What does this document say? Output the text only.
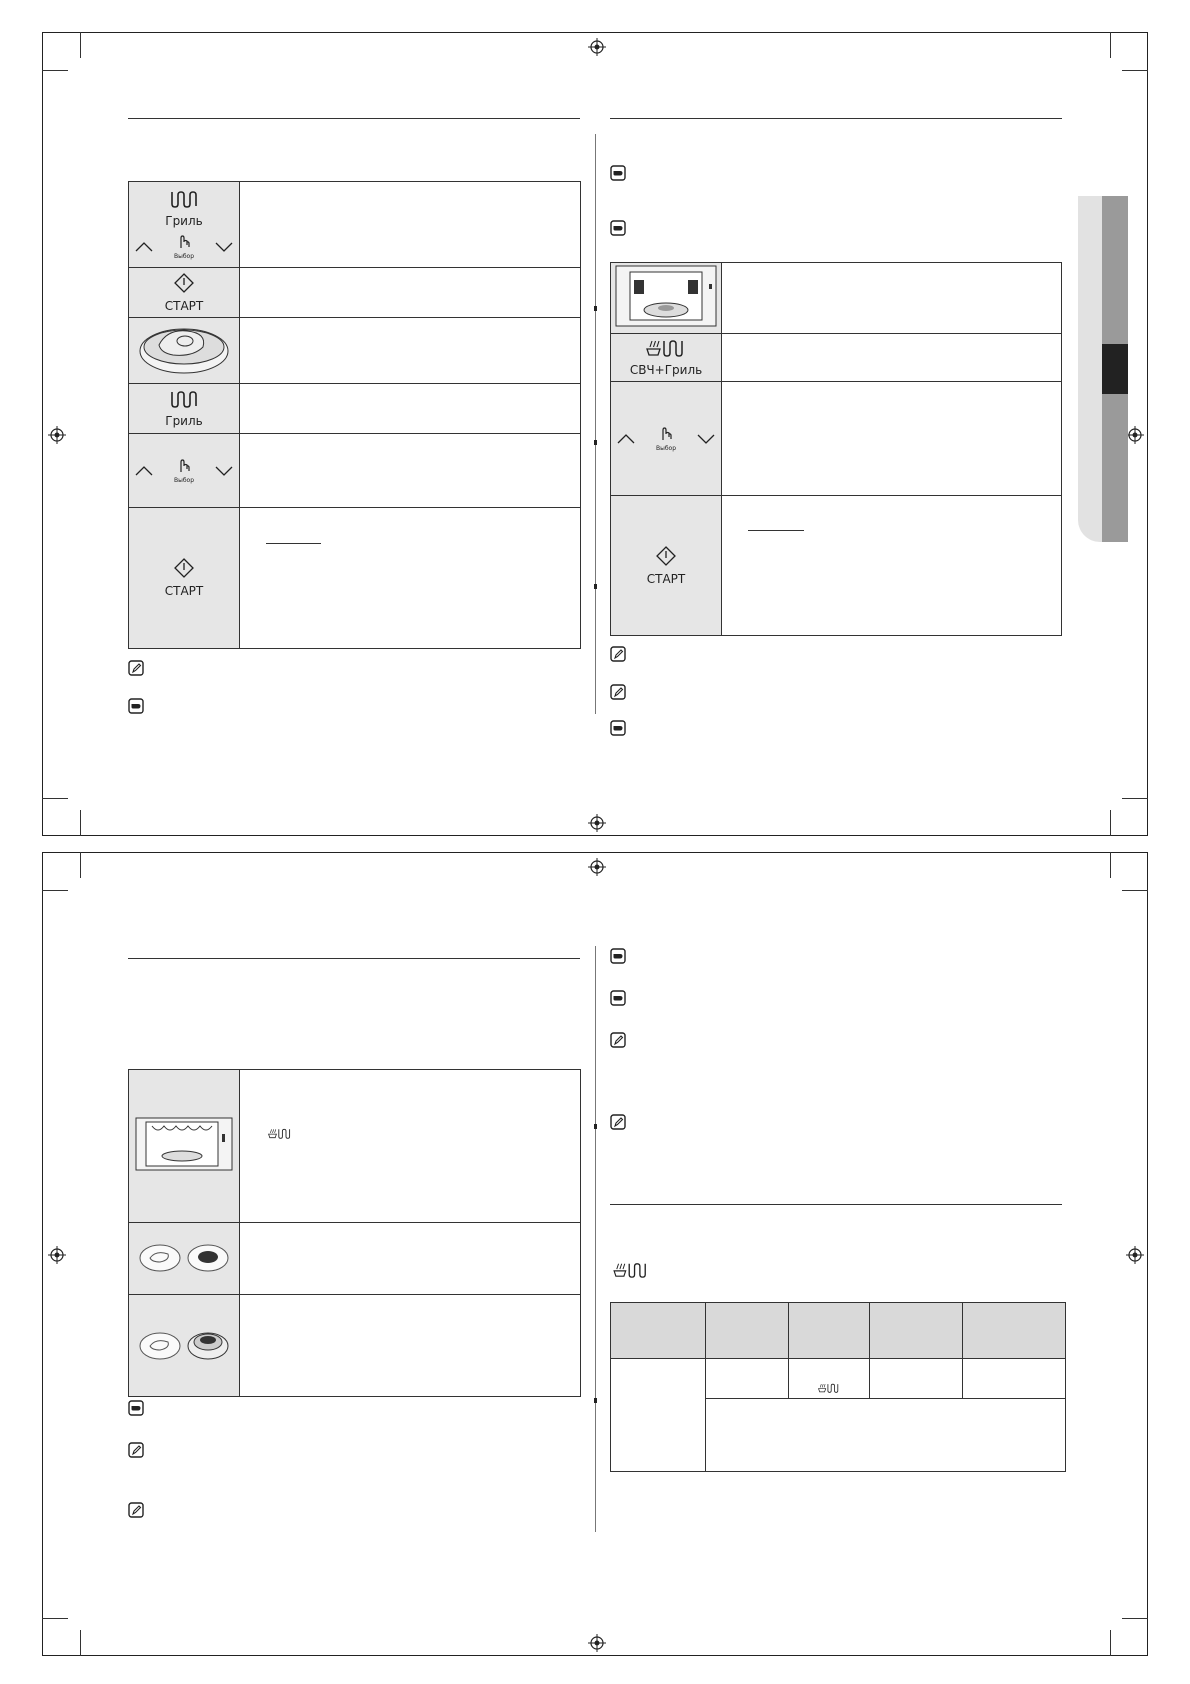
Гриль
Выбор	

СТАРТ	

Гриль	

Выбор	

СТАРТ	

СВЧ+Гриль	

Выбор	

СТАРТ	
